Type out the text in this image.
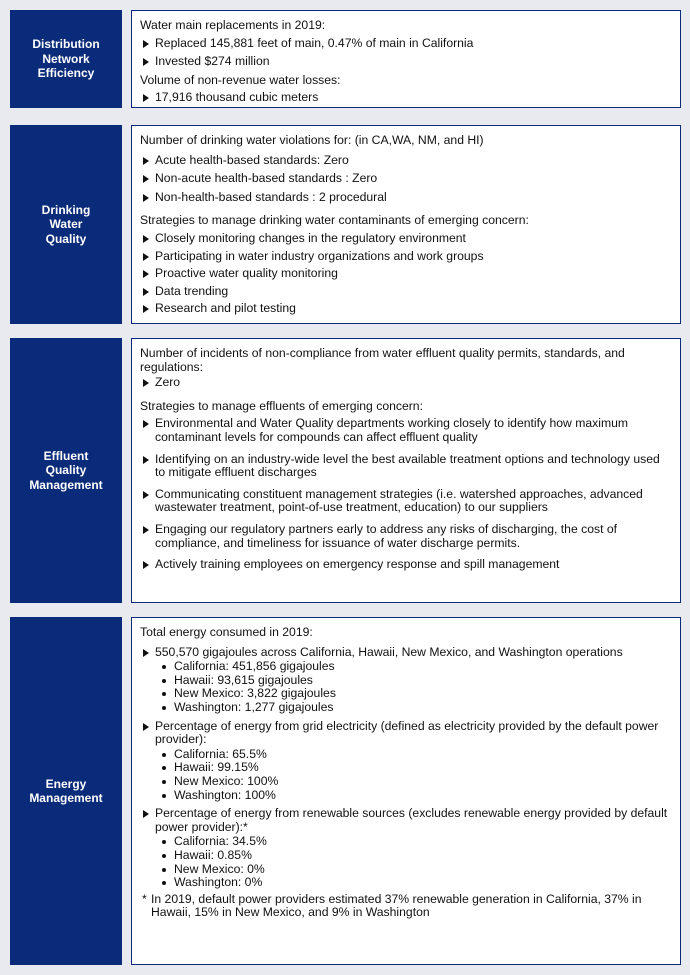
Distribution
Network
Efficiency
Water main replacements in 2019:
Replaced 145,881 feet of main, 0.47% of main in California
Invested $274 million
Volume of non-revenue water losses:
17,916 thousand cubic meters
Drinking
Water
Quality
Number of drinking water violations for: (in CA,WA, NM, and HI)
Acute health-based standards: Zero
Non-acute health-based standards : Zero
Non-health-based standards : 2 procedural
Strategies to manage drinking water contaminants of emerging concern:
Closely monitoring changes in the regulatory environment
Participating in water industry organizations and work groups
Proactive water quality monitoring
Data trending
Research and pilot testing
Effluent
Quality
Management
Number of incidents of non-compliance from water effluent quality permits, standards, and regulations:
Zero
Strategies to manage effluents of emerging concern:
Environmental and Water Quality departments working closely to identify how maximum contaminant levels for compounds can affect effluent quality
Identifying on an industry-wide level the best available treatment options and technology used to mitigate effluent discharges
Communicating constituent management strategies (i.e. watershed approaches, advanced wastewater treatment, point-of-use treatment, education) to our suppliers
Engaging our regulatory partners early to address any risks of discharging, the cost of compliance, and timeliness for issuance of water discharge permits.
Actively training employees on emergency response and spill management
Energy
Management
Total energy consumed in 2019:
550,570 gigajoules across California, Hawaii, New Mexico, and Washington operations
California: 451,856 gigajoules
Hawaii: 93,615 gigajoules
New Mexico: 3,822 gigajoules
Washington: 1,277 gigajoules
Percentage of energy from grid electricity (defined as electricity provided by the default power provider):
California: 65.5%
Hawaii: 99.15%
New Mexico: 100%
Washington: 100%
Percentage of energy from renewable sources (excludes renewable energy provided by default power provider):*
California: 34.5%
Hawaii: 0.85%
New Mexico: 0%
Washington: 0%
* In 2019, default power providers estimated 37% renewable generation in California, 37% in Hawaii, 15% in New Mexico, and 9% in Washington
